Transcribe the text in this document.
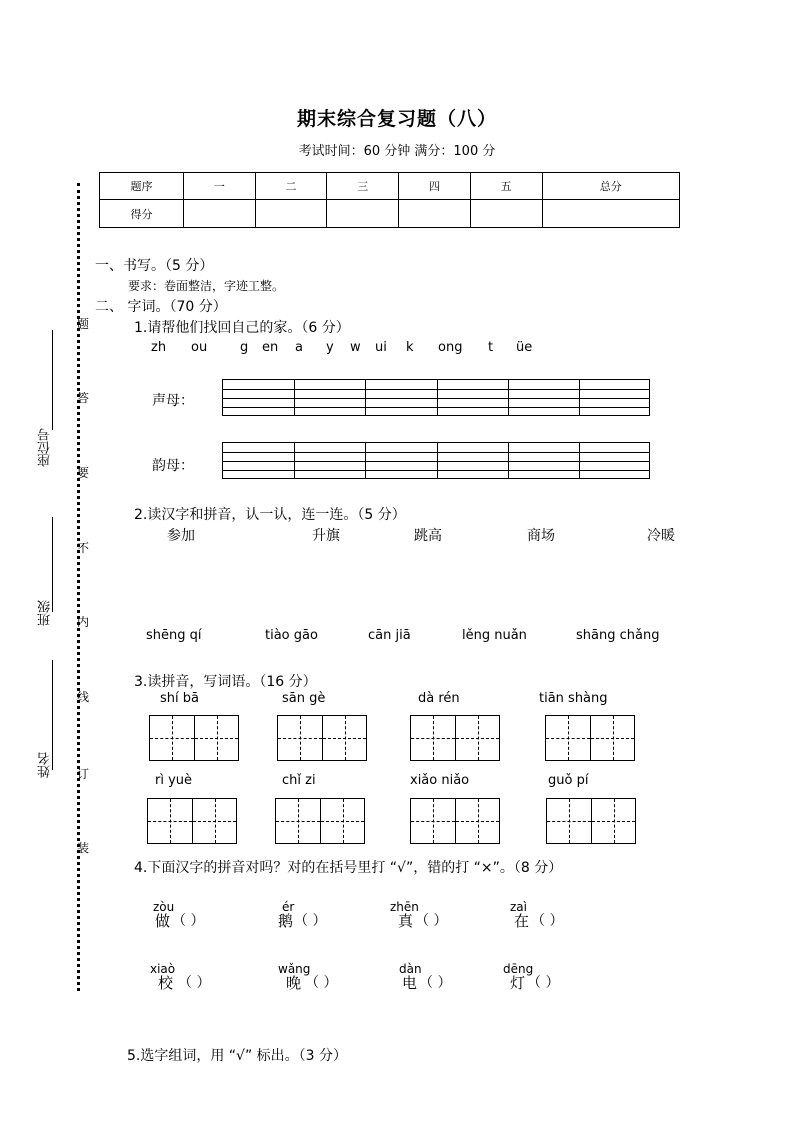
期末综合复习题（八）
考试时间：60 分钟 满分：100 分
题序	一	二	三	四	五	总分
得分						
题
答
要
不
内
线
订
装
座位号
班级
姓名
一、书写。（5 分）
要求：卷面整洁，字迹工整。
二、 字词。（70 分）
1.请帮他们找回自己的家。（6 分）
zh ou	g en a y w ui k ong t üe
声母：
韵母：
2.读汉字和拼音，认一认，连一连。（5 分）
参加	升旗	跳高	商场	冷暖
shēng qí	tiào gāo	cān jiā	lěng nuǎn	shāng chǎng
3.读拼音，写词语。（16 分）
shí bā	sān gè	dà rén	tiān shàng
rì yuè	chǐ zi	xiǎo niǎo	guǒ pí
4.下面汉字的拼音对吗？对的在括号里打 “√”，错的打 “×”。（8 分）
zòu
做 （ ）
ér
鹅 （ ）
zhēn
真 （ ）
zaì
在 （ ）
xiaò
校 （ ）
wǎng
晚 （ ）
dàn
电 （ ）
dēng
灯 （ ）
5.选字组词，用 “√” 标出。（3 分）
